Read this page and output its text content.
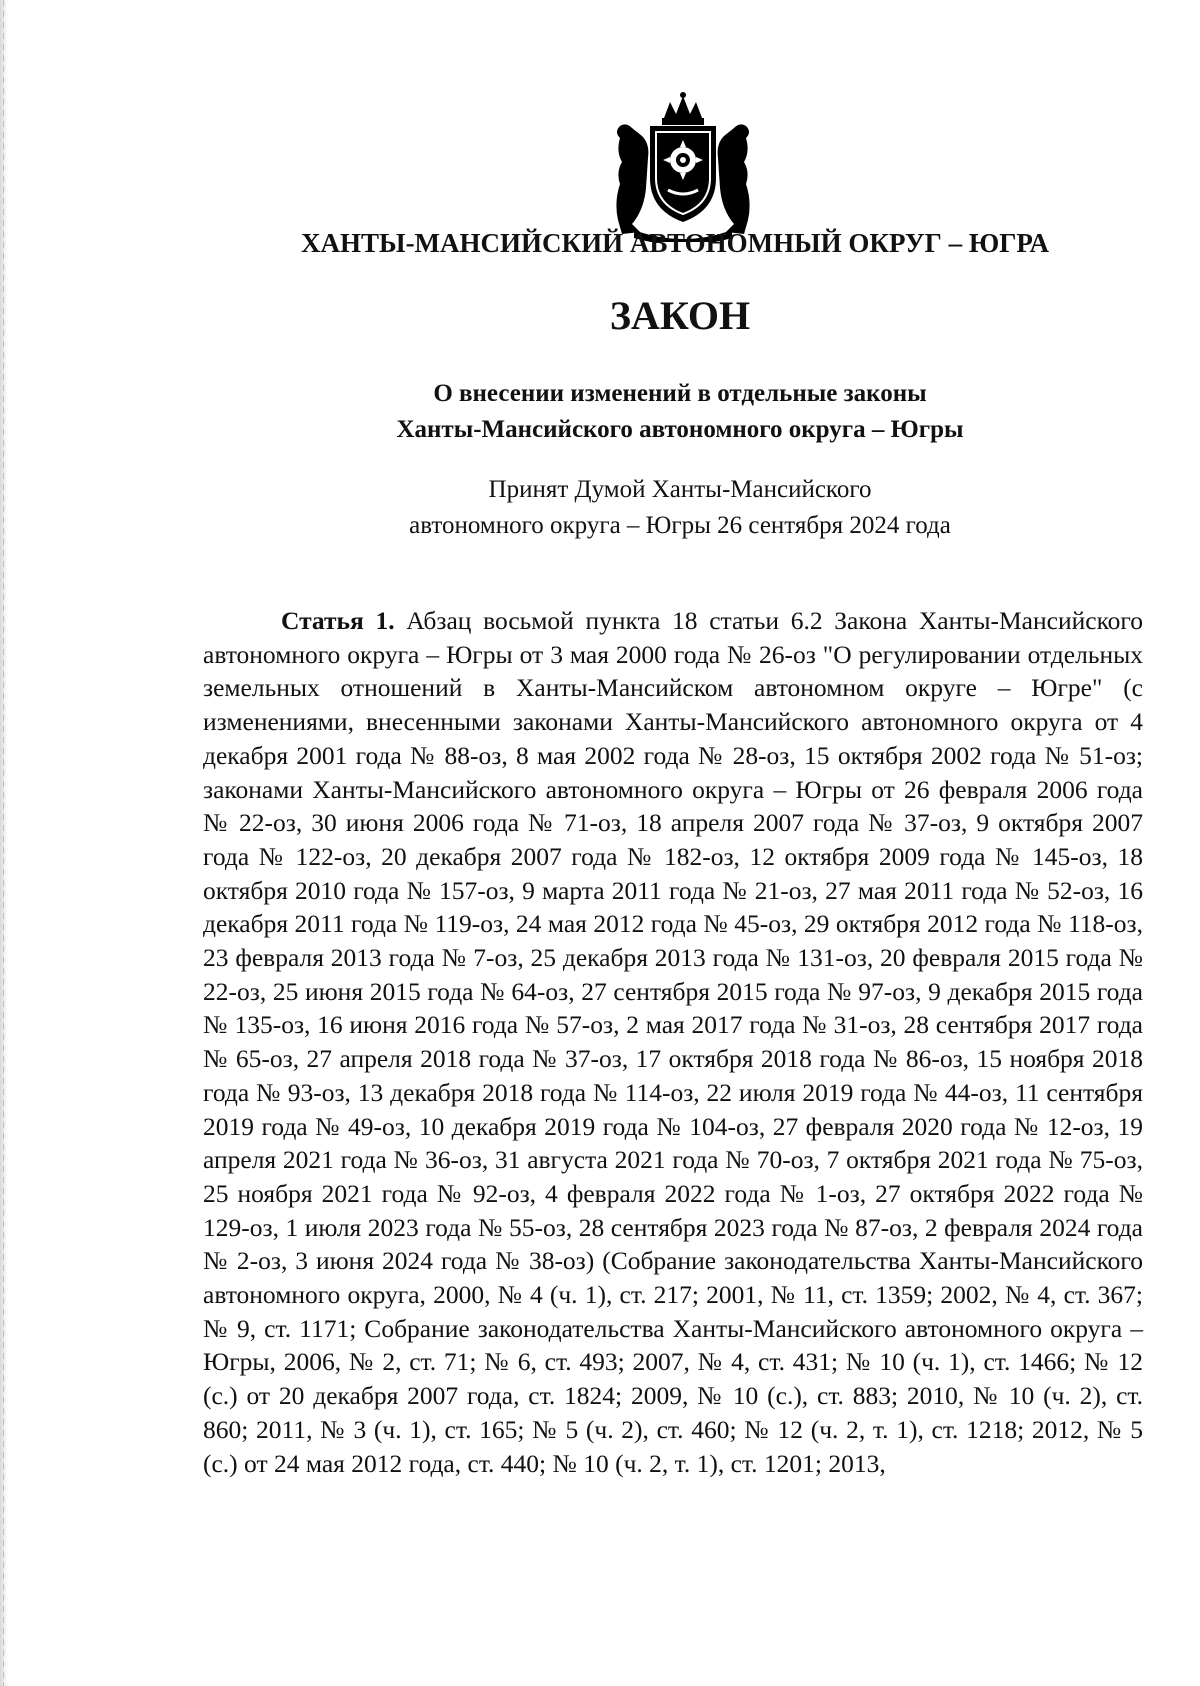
ХАНТЫ-МАНСИЙСКИЙ АВТОНОМНЫЙ ОКРУГ – ЮГРА
ЗАКОН
О внесении изменений в отдельные законы
Ханты-Мансийского автономного округа – Югры
Принят Думой Ханты-Мансийского
автономного округа – Югры 26 сентября 2024 года

Статья 1. Абзац восьмой пункта 18 статьи 6.2 Закона Ханты-Мансийского автономного округа – Югры от 3 мая 2000 года № 26-оз "О регулировании отдельных земельных отношений в Ханты-Мансийском автономном округе – Югре" (с изменениями, внесенными законами Ханты-Мансийского автономного округа от 4 декабря 2001 года № 88-оз, 8 мая 2002 года № 28-оз, 15 октября 2002 года № 51-оз; законами Ханты-Мансийского автономного округа – Югры от 26 февраля 2006 года № 22-оз, 30 июня 2006 года № 71-оз, 18 апреля 2007 года № 37-оз, 9 октября 2007 года № 122-оз, 20 декабря 2007 года № 182-оз, 12 октября 2009 года № 145-оз, 18 октября 2010 года № 157-оз, 9 марта 2011 года № 21-оз, 27 мая 2011 года № 52-оз, 16 декабря 2011 года № 119-оз, 24 мая 2012 года № 45-оз, 29 октября 2012 года № 118-оз, 23 февраля 2013 года № 7-оз, 25 декабря 2013 года № 131-оз, 20 февраля 2015 года № 22-оз, 25 июня 2015 года № 64-оз, 27 сентября 2015 года № 97-оз, 9 декабря 2015 года № 135-оз, 16 июня 2016 года № 57-оз, 2 мая 2017 года № 31-оз, 28 сентября 2017 года № 65-оз, 27 апреля 2018 года № 37-оз, 17 октября 2018 года № 86-оз, 15 ноября 2018 года № 93-оз, 13 декабря 2018 года № 114-оз, 22 июля 2019 года № 44-оз, 11 сентября 2019 года № 49-оз, 10 декабря 2019 года № 104-оз, 27 февраля 2020 года № 12-оз, 19 апреля 2021 года № 36-оз, 31 августа 2021 года № 70-оз, 7 октября 2021 года № 75-оз, 25 ноября 2021 года № 92-оз, 4 февраля 2022 года № 1-оз, 27 октября 2022 года № 129-оз, 1 июля 2023 года № 55-оз, 28 сентября 2023 года № 87-оз, 2 февраля 2024 года № 2-оз, 3 июня 2024 года № 38-оз) (Собрание законодательства Ханты-Мансийского автономного округа, 2000, № 4 (ч. 1), ст. 217; 2001, № 11, ст. 1359; 2002, № 4, ст. 367; № 9, ст. 1171; Собрание законодательства Ханты-Мансийского автономного округа – Югры, 2006, № 2, ст. 71; № 6, ст. 493; 2007, № 4, ст. 431; № 10 (ч. 1), ст. 1466; № 12 (с.) от 20 декабря 2007 года, ст. 1824; 2009, № 10 (с.), ст. 883; 2010, № 10 (ч. 2), ст. 860; 2011, № 3 (ч. 1), ст. 165; № 5 (ч. 2), ст. 460; № 12 (ч. 2, т. 1), ст. 1218; 2012, № 5 (с.) от 24 мая 2012 года, ст. 440; № 10 (ч. 2, т. 1), ст. 1201; 2013,
